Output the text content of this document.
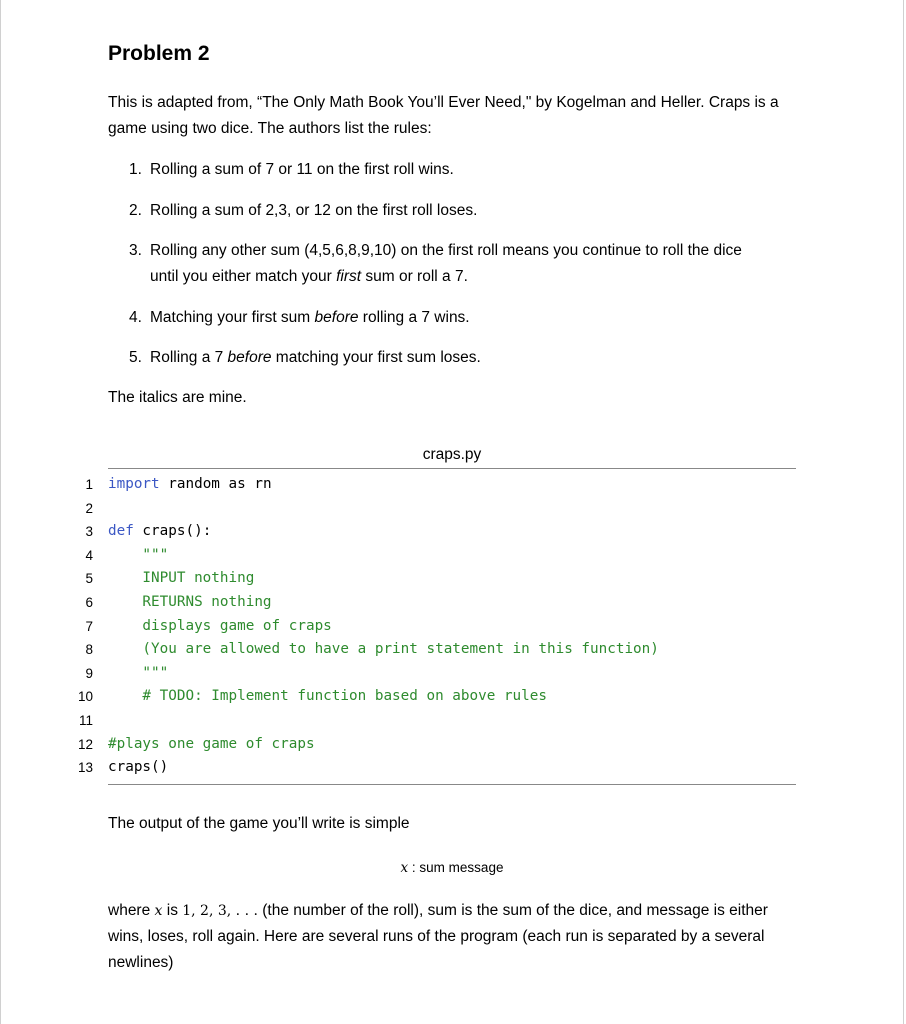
Problem 2
This is adapted from, “The Only Math Book You’ll Ever Need," by Kogelman and Heller. Craps is a game using two dice. The authors list the rules:
1. Rolling a sum of 7 or 11 on the first roll wins.
2. Rolling a sum of 2,3, or 12 on the first roll loses.
3. Rolling any other sum (4,5,6,8,9,10) on the first roll means you continue to roll the dice
until you either match your first sum or roll a 7.
4. Matching your first sum before rolling a 7 wins.
5. Rolling a 7 before matching your first sum loses.
The italics are mine.
craps.py
1 import random as rn
2
3 def craps():
4 """
5 INPUT nothing
6 RETURNS nothing
7 displays game of craps
8 (You are allowed to have a print statement in this function)
9 """
10 # TODO: Implement function based on above rules
11
12 #plays one game of craps
13 craps()
The output of the game you’ll write is simple
x : sum message
where x is 1, 2, 3, . . . (the number of the roll), sum is the sum of the dice, and message is either wins, loses, roll again. Here are several runs of the program (each run is separated by a several newlines)
